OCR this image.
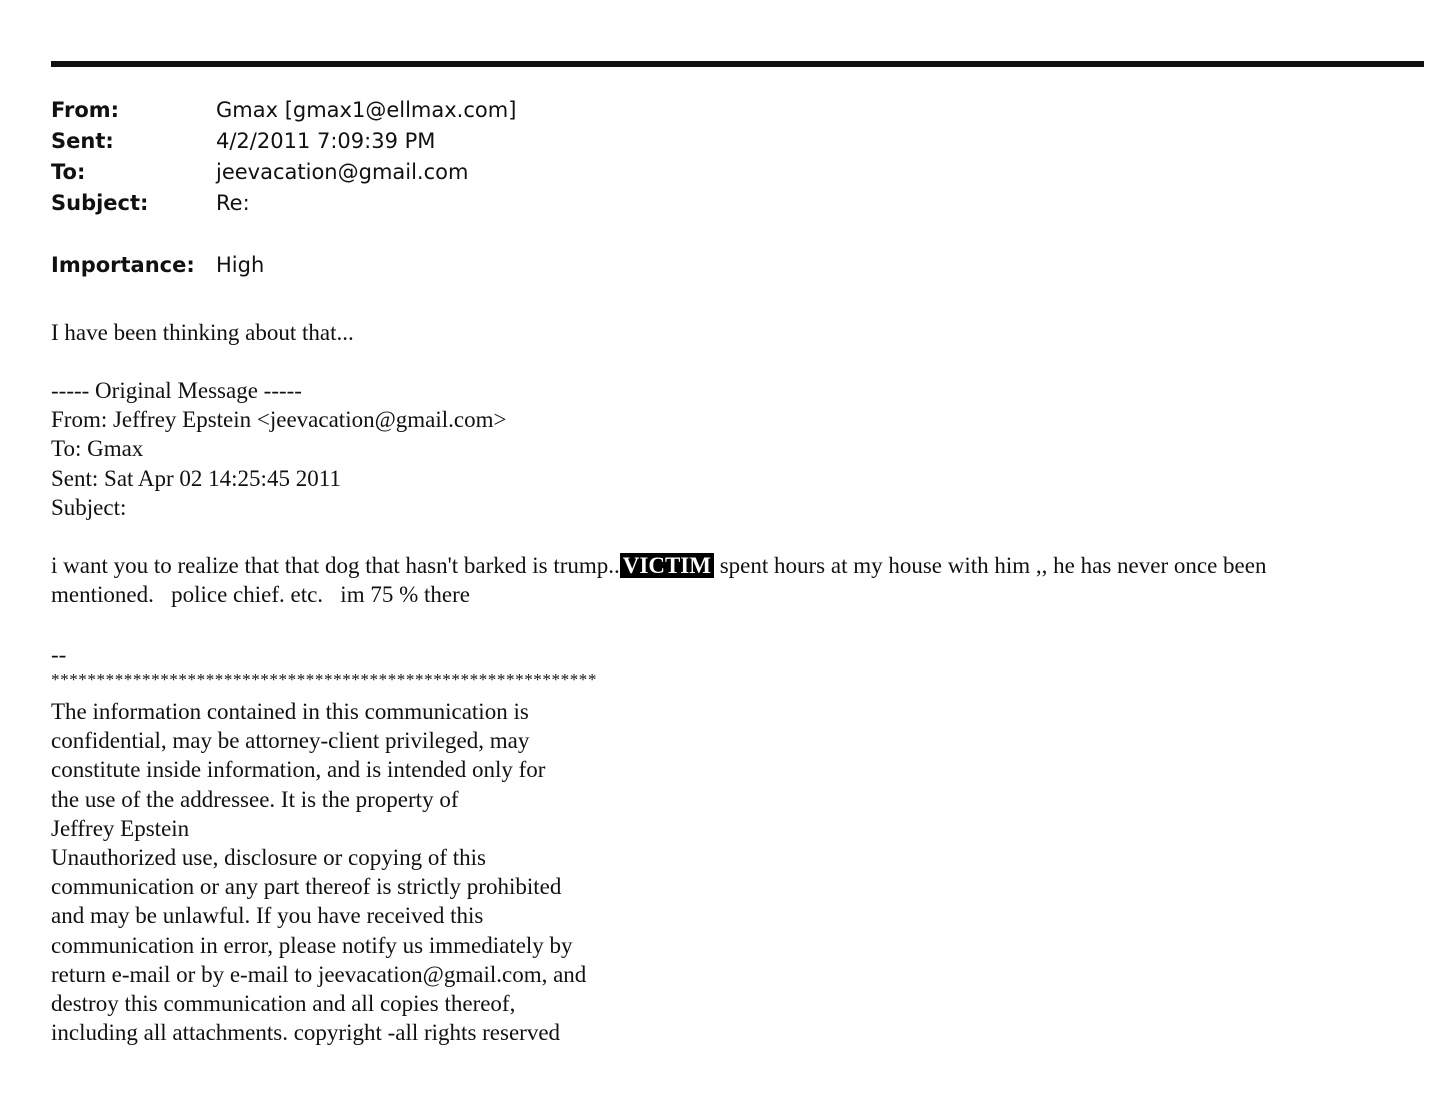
From:	Gmax [gmax1@ellmax.com]
Sent:	4/2/2011 7:09:39 PM
To:	jeevacation@gmail.com
Subject:	Re:
Importance: High
I have been thinking about that...
----- Original Message -----
From: Jeffrey Epstein <jeevacation@gmail.com>
To: Gmax
Sent: Sat Apr 02 14:25:45 2011
Subject:
i want you to realize that that dog that hasn't barked is trump.. VICTIM spent hours at my house with him ,, he has never once been
mentioned.   police chief. etc.   im 75 % there
--
************************************************************
The information contained in this communication is
confidential, may be attorney-client privileged, may
constitute inside information, and is intended only for
the use of the addressee. It is the property of
Jeffrey Epstein
Unauthorized use, disclosure or copying of this
communication or any part thereof is strictly prohibited
and may be unlawful. If you have received this
communication in error, please notify us immediately by
return e-mail or by e-mail to jeevacation@gmail.com, and
destroy this communication and all copies thereof,
including all attachments. copyright -all rights reserved
